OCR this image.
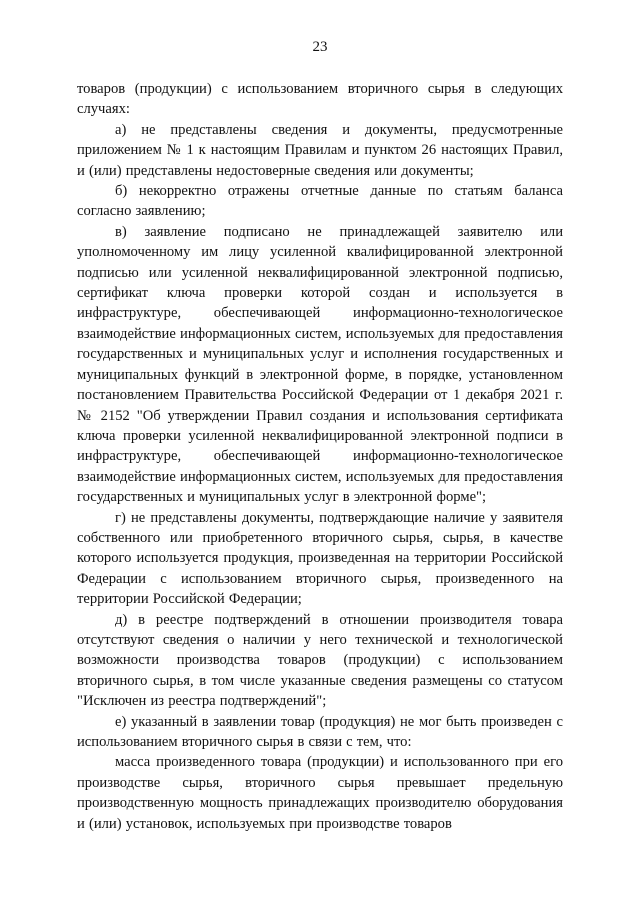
23

товаров (продукции) с использованием вторичного сырья в следующих случаях:

а) не представлены сведения и документы, предусмотренные приложением № 1 к настоящим Правилам и пунктом 26 настоящих Правил, и (или) представлены недостоверные сведения или документы;

б) некорректно отражены отчетные данные по статьям баланса согласно заявлению;

в) заявление подписано не принадлежащей заявителю или уполномоченному им лицу усиленной квалифицированной электронной подписью или усиленной неквалифицированной электронной подписью, сертификат ключа проверки которой создан и используется в инфраструктуре, обеспечивающей информационно-технологическое взаимодействие информационных систем, используемых для предоставления государственных и муниципальных услуг и исполнения государственных и муниципальных функций в электронной форме, в порядке, установленном постановлением Правительства Российской Федерации от 1 декабря 2021 г. № 2152 "Об утверждении Правил создания и использования сертификата ключа проверки усиленной неквалифицированной электронной подписи в инфраструктуре, обеспечивающей информационно-технологическое взаимодействие информационных систем, используемых для предоставления государственных и муниципальных услуг в электронной форме";

г) не представлены документы, подтверждающие наличие у заявителя собственного или приобретенного вторичного сырья, сырья, в качестве которого используется продукция, произведенная на территории Российской Федерации с использованием вторичного сырья, произведенного на территории Российской Федерации;

д) в реестре подтверждений в отношении производителя товара отсутствуют сведения о наличии у него технической и технологической возможности производства товаров (продукции) с использованием вторичного сырья, в том числе указанные сведения размещены со статусом "Исключен из реестра подтверждений";

е) указанный в заявлении товар (продукция) не мог быть произведен с использованием вторичного сырья в связи с тем, что:

масса произведенного товара (продукции) и использованного при его производстве сырья, вторичного сырья превышает предельную производственную мощность принадлежащих производителю оборудования и (или) установок, используемых при производстве товаров
